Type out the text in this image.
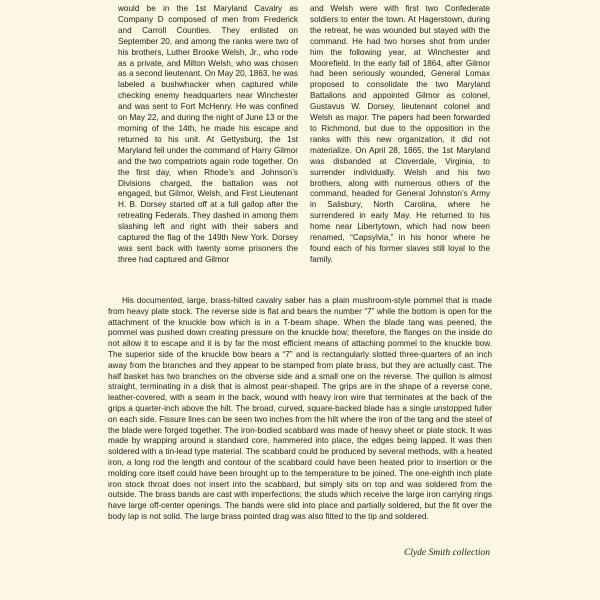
would be in the 1st Maryland Cavalry as Company D composed of men from Frederick and Carroll Counties. They enlisted on September 20, and among the ranks were two of his brothers, Luther Brooke Welsh, Jr., who rode as a private, and Milton Welsh, who was chosen as a second lieutenant. On May 20, 1863, he was labeled a bushwhacker when captured while checking enemy headquarters near Winchester and was sent to Fort McHenry. He was confined on May 22, and during the night of June 13 or the morning of the 14th, he made his escape and returned to his unit. At Gettysburg, the 1st Maryland fell under the command of Harry Gilmor and the two compatriots again rode together. On the first day, when Rhode’s and Johnson’s Divisions charged, the battalion was not engaged, but Gilmor, Welsh, and First Lieutenant H. B. Dorsey started off at a full gallop after the retreating Federals. They dashed in among them slashing left and right with their sabers and captured the flag of the 149th New York. Dorsey was sent back with twenty some prisoners the three had captured and Gilmor

and Welsh were with first two Confederate soldiers to enter the town. At Hagerstown, during the retreat, he was wounded but stayed with the command. He had two horses shot from under him the following year, at Winchester and Moorefield. In the early fall of 1864, after Gilmor had been seriously wounded, General Lomax proposed to consolidate the two Maryland Battalions and appointed Gilmor as colonel, Gustavus W. Dorsey, lieutenant colonel and Welsh as major. The papers had been forwarded to Richmond, but due to the opposition in the ranks with this new organization, it did not materialize. On April 28, 1865, the 1st Maryland was disbanded at Cloverdale, Virginia, to surrender individually. Welsh and his two brothers, along with numerous others of the command, headed for General Johnston’s Army in Salisbury, North Carolina, where he surrendered in early May. He returned to his home near Libertytown, which had now been renamed, “Capsylvia,” in his honor where he found each of his former slaves still loyal to the family.

His documented, large, brass-hilted cavalry saber has a plain mushroom-style pommel that is made from heavy plate stock. The reverse side is flat and bears the number “7” while the bottom is open for the attachment of the knuckle bow which is in a T-beam shape. When the blade tang was peened, the pommel was pushed down creating pressure on the knuckle bow; therefore, the flanges on the inside do not allow it to escape and it is by far the most efficient means of attaching pommel to the knuckle bow. The superior side of the knuckle bow bears a “7” and is rectangularly slotted three-quarters of an inch away from the branches and they appear to be stamped from plate brass, but they are actually cast. The half basket has two branches on the obverse side and a small one on the reverse. The quillon is almost straight, terminating in a disk that is almost pear-shaped. The grips are in the shape of a reverse cone, leather-covered, with a seam in the back, wound with heavy iron wire that terminates at the back of the grips a quarter-inch above the hilt. The broad, curved, square-backed blade has a single unstopped fuller on each side. Fissure lines can be seen two inches from the hilt where the iron of the tang and the steel of the blade were forged together. The iron-bodied scabbard was made of heavy sheet or plate stock. It was made by wrapping around a standard core, hammered into place, the edges being lapped. It was then soldered with a tin-lead type material. The scabbard could be produced by several methods, with a heated iron, a long rod the length and contour of the scabbard could have been heated prior to insertion or the molding core itself could have been brought up to the temperature to be joined. The one-eighth inch plate iron stock throat does not insert into the scabbard, but simply sits on top and was soldered from the outside. The brass bands are cast with imperfections; the studs which receive the large iron carrying rings have large off-center openings. The bands were slid into place and partially soldered, but the fit over the body lap is not solid. The large brass pointed drag was also fitted to the tip and soldered.

Clyde Smith collection
